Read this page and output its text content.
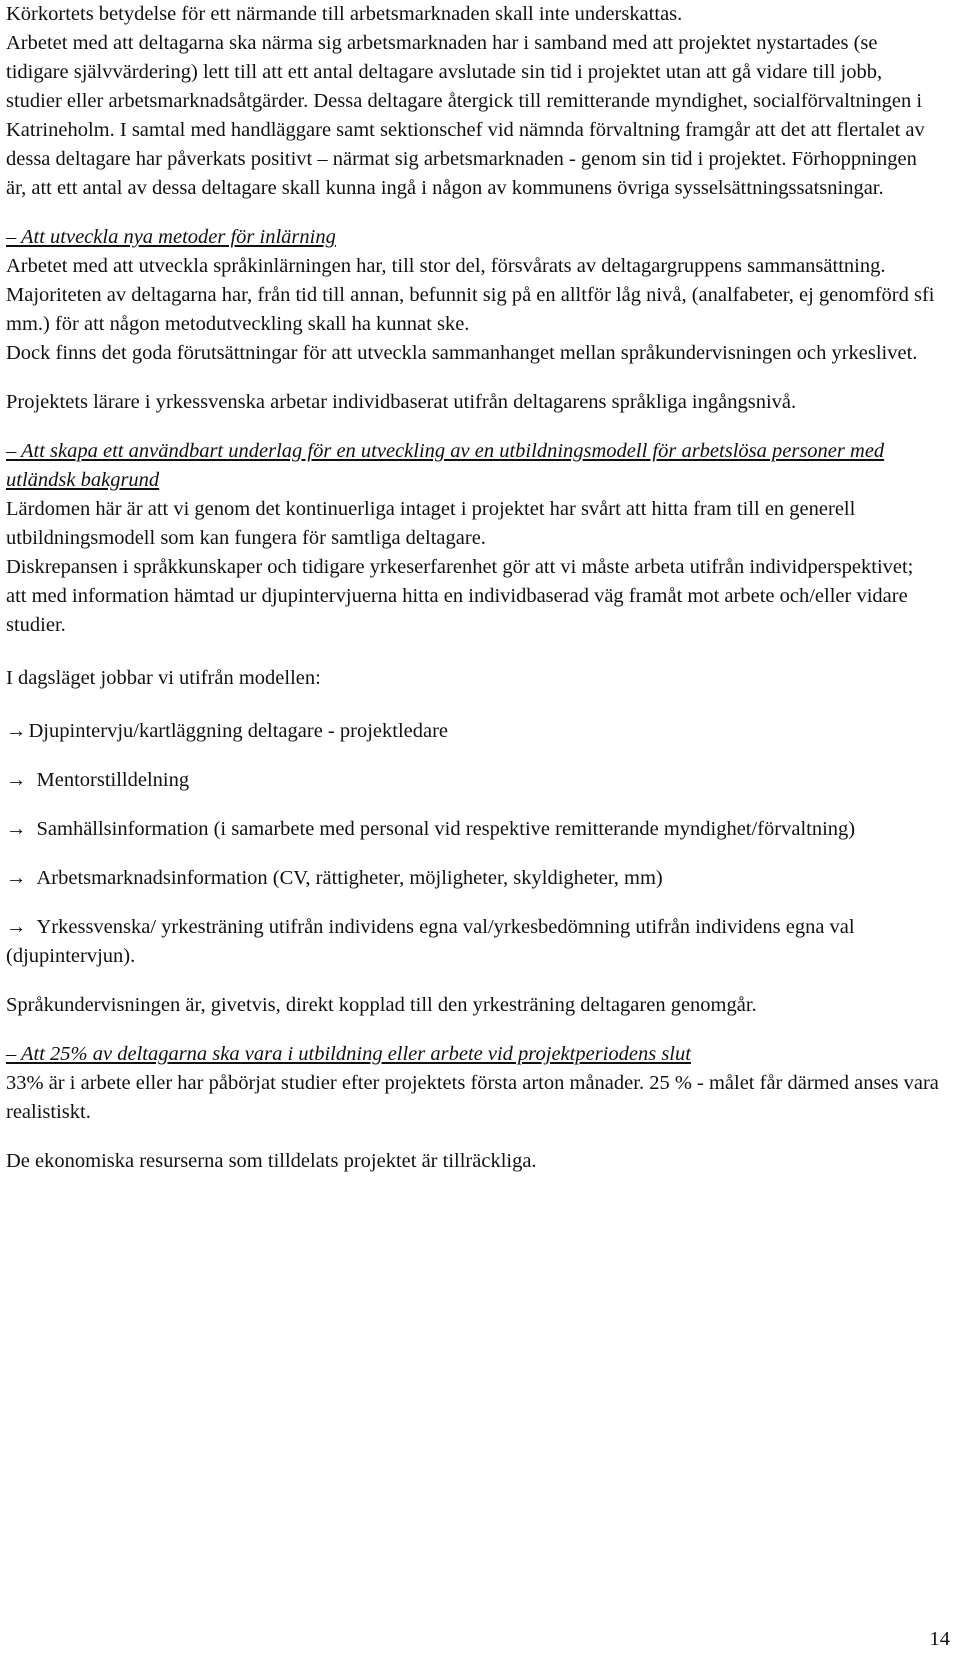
Körkortets betydelse för ett närmande till arbetsmarknaden skall inte underskattas.

Arbetet med att deltagarna ska närma sig arbetsmarknaden har i samband med att projektet nystartades (se tidigare självvärdering) lett till att ett antal deltagare avslutade sin tid i projektet utan att gå vidare till jobb, studier eller arbetsmarknadsåtgärder. Dessa deltagare återgick till remitterande myndighet, socialförvaltningen i Katrineholm. I samtal med handläggare samt sektionschef vid nämnda förvaltning framgår att det att flertalet av dessa deltagare har påverkats positivt – närmat sig arbetsmarknaden - genom sin tid i projektet. Förhoppningen är, att ett antal av dessa deltagare skall kunna ingå i någon av kommunens övriga sysselsättningssatsningar.

– Att utveckla nya metoder för inlärning

Arbetet med att utveckla språkinlärningen har, till stor del, försvårats av deltagargruppens sammansättning. Majoriteten av deltagarna har, från tid till annan, befunnit sig på en alltför låg nivå, (analfabeter, ej genomförd sfi mm.) för att någon metodutveckling skall ha kunnat ske.

Dock finns det goda förutsättningar för att utveckla sammanhanget mellan språkundervisningen och yrkeslivet.

Projektets lärare i yrkessvenska arbetar individbaserat utifrån deltagarens språkliga ingångsnivå.

– Att skapa ett användbart underlag för en utveckling av en utbildningsmodell för arbetslösa personer med utländsk bakgrund

Lärdomen här är att vi genom det kontinuerliga intaget i projektet har svårt att hitta fram till en generell utbildningsmodell som kan fungera för samtliga deltagare.

Diskrepansen i språkkunskaper och tidigare yrkeserfarenhet gör att vi måste arbeta utifrån individperspektivet;

att med information hämtad ur djupintervjuerna hitta en individbaserad väg framåt mot arbete och/eller vidare studier.

I dagsläget jobbar vi utifrån modellen:

→Djupintervju/kartläggning deltagare - projektledare

→ Mentorstilldelning

→ Samhällsinformation (i samarbete med personal vid respektive remitterande myndighet/förvaltning)

→ Arbetsmarknadsinformation (CV, rättigheter, möjligheter, skyldigheter, mm)

→ Yrkessvenska/ yrkesträning utifrån individens egna val/yrkesbedömning utifrån individens egna val (djupintervjun).

Språkundervisningen är, givetvis, direkt kopplad till den yrkesträning deltagaren genomgår.

– Att 25% av deltagarna ska vara i utbildning eller arbete vid projektperiodens slut

33% är i arbete eller har påbörjat studier efter projektets första arton månader. 25 % - målet får därmed anses vara realistiskt.

De ekonomiska resurserna som tilldelats projektet är tillräckliga.

14
